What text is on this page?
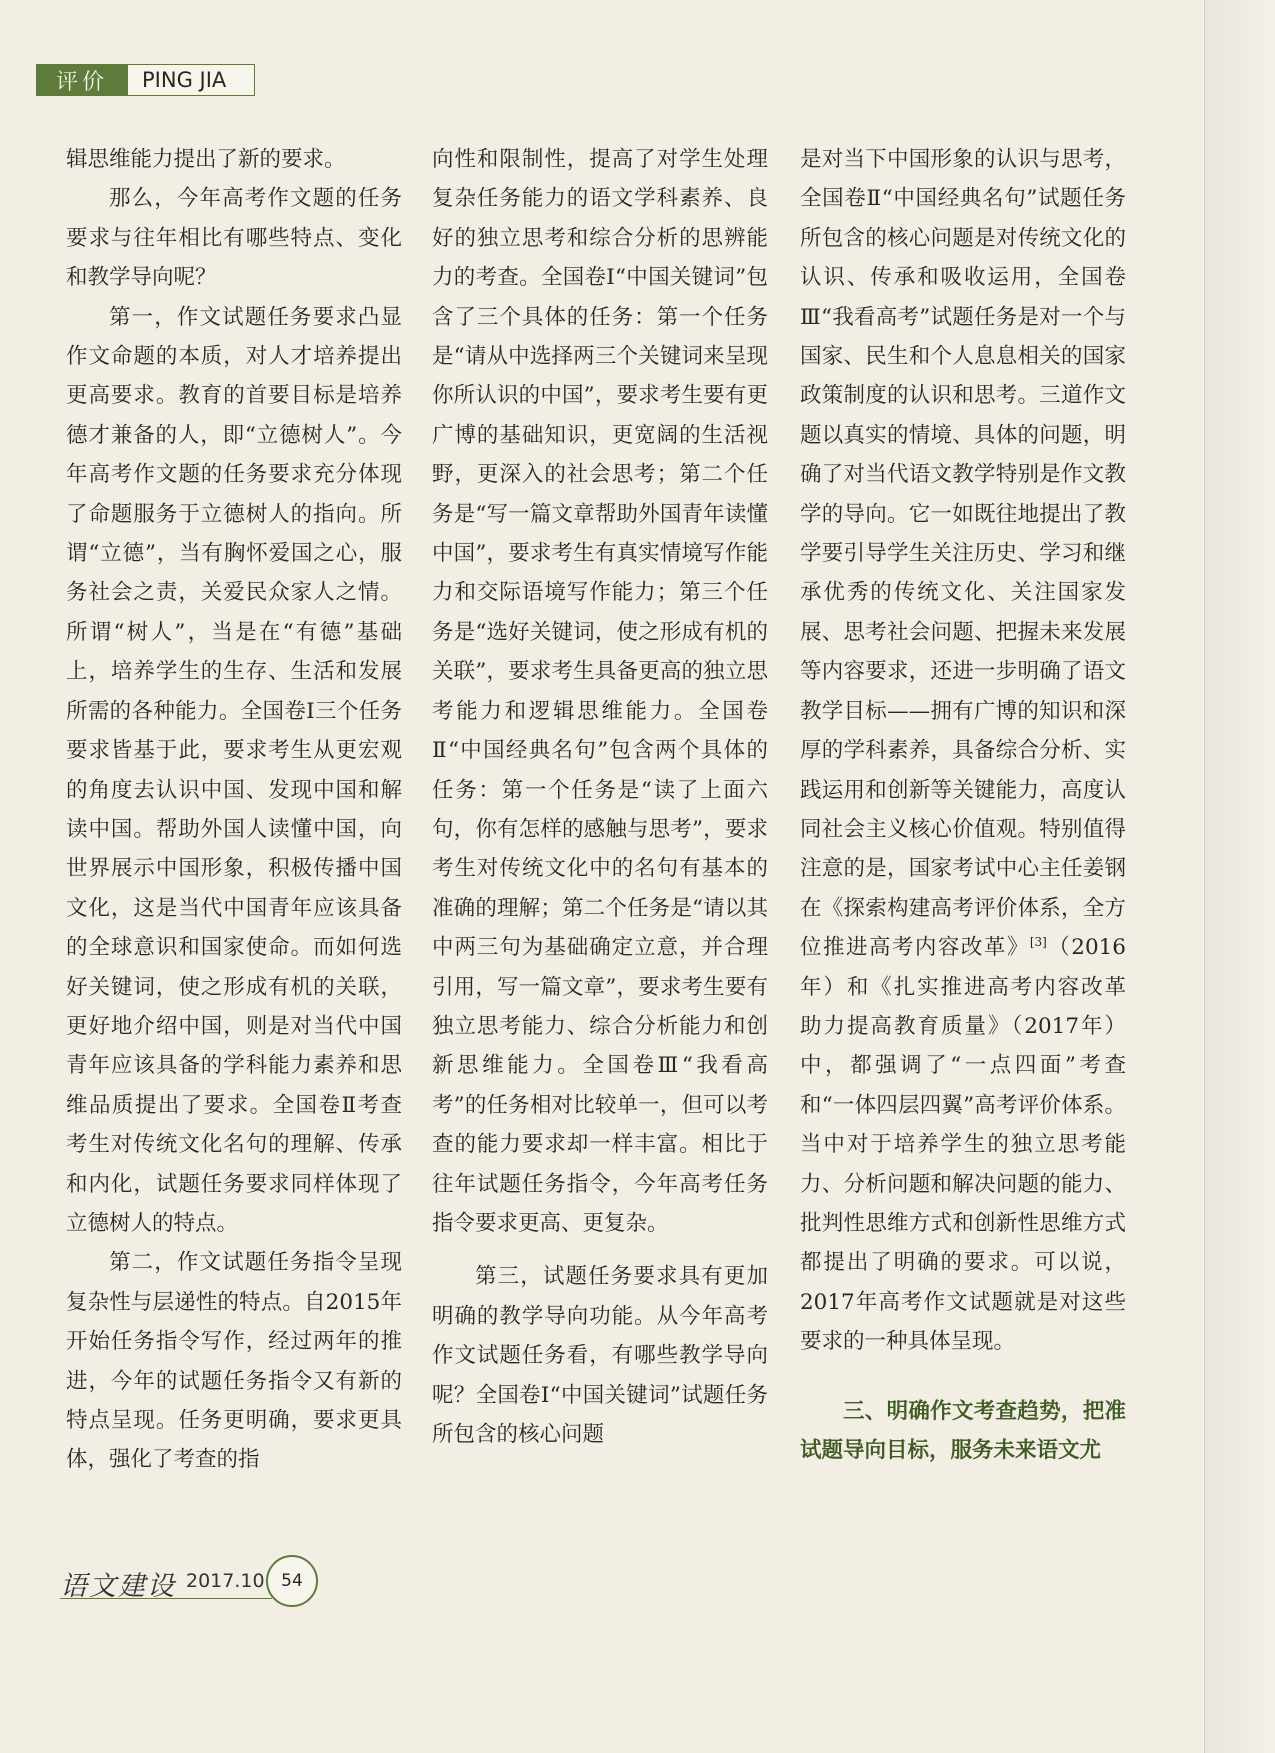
评价	PING JIA

辑思维能力提出了新的要求。

那么，今年高考作文题的任务要求与往年相比有哪些特点、变化和教学导向呢？

第一，作文试题任务要求凸显作文命题的本质，对人才培养提出更高要求。教育的首要目标是培养德才兼备的人，即“立德树人”。今年高考作文题的任务要求充分体现了命题服务于立德树人的指向。所谓“立德”，当有胸怀爱国之心，服务社会之责，关爱民众家人之情。所谓“树人”，当是在“有德”基础上，培养学生的生存、生活和发展所需的各种能力。全国卷Ⅰ三个任务要求皆基于此，要求考生从更宏观的角度去认识中国、发现中国和解读中国。帮助外国人读懂中国，向世界展示中国形象，积极传播中国文化，这是当代中国青年应该具备的全球意识和国家使命。而如何选好关键词，使之形成有机的关联，更好地介绍中国，则是对当代中国青年应该具备的学科能力素养和思维品质提出了要求。全国卷Ⅱ考查考生对传统文化名句的理解、传承和内化，试题任务要求同样体现了立德树人的特点。

第二，作文试题任务指令呈现复杂性与层递性的特点。自2015年开始任务指令写作，经过两年的推进，今年的试题任务指令又有新的特点呈现。任务更明确，要求更具体，强化了考查的指

向性和限制性，提高了对学生处理复杂任务能力的语文学科素养、良好的独立思考和综合分析的思辨能力的考查。全国卷Ⅰ“中国关键词”包含了三个具体的任务：第一个任务是“请从中选择两三个关键词来呈现你所认识的中国”，要求考生要有更广博的基础知识，更宽阔的生活视野，更深入的社会思考；第二个任务是“写一篇文章帮助外国青年读懂中国”，要求考生有真实情境写作能力和交际语境写作能力；第三个任务是“选好关键词，使之形成有机的关联”，要求考生具备更高的独立思考能力和逻辑思维能力。全国卷Ⅱ“中国经典名句”包含两个具体的任务：第一个任务是“读了上面六句，你有怎样的感触与思考”，要求考生对传统文化中的名句有基本的准确的理解；第二个任务是“请以其中两三句为基础确定立意，并合理引用，写一篇文章”，要求考生要有独立思考能力、综合分析能力和创新思维能力。全国卷Ⅲ“我看高考”的任务相对比较单一，但可以考查的能力要求却一样丰富。相比于往年试题任务指令，今年高考任务指令要求更高、更复杂。

第三，试题任务要求具有更加明确的教学导向功能。从今年高考作文试题任务看，有哪些教学导向呢？全国卷Ⅰ“中国关键词”试题任务所包含的核心问题

是对当下中国形象的认识与思考，全国卷Ⅱ“中国经典名句”试题任务所包含的核心问题是对传统文化的认识、传承和吸收运用，全国卷Ⅲ“我看高考”试题任务是对一个与国家、民生和个人息息相关的国家政策制度的认识和思考。三道作文题以真实的情境、具体的问题，明确了对当代语文教学特别是作文教学的导向。它一如既往地提出了教学要引导学生关注历史、学习和继承优秀的传统文化、关注国家发展、思考社会问题、把握未来发展等内容要求，还进一步明确了语文教学目标——拥有广博的知识和深厚的学科素养，具备综合分析、实践运用和创新等关键能力，高度认同社会主义核心价值观。特别值得注意的是，国家考试中心主任姜钢在《探索构建高考评价体系，全方位推进高考内容改革》[3]（2016年）和《扎实推进高考内容改革 助力提高教育质量》（2017年）中，都强调了“一点四面”考查和“一体四层四翼”高考评价体系。当中对于培养学生的独立思考能力、分析问题和解决问题的能力、批判性思维方式和创新性思维方式都提出了明确的要求。可以说，2017年高考作文试题就是对这些要求的一种具体呈现。

三、明确作文考查趋势，把准试题导向目标，服务未来语文尤

语文建设 2017.10 54
